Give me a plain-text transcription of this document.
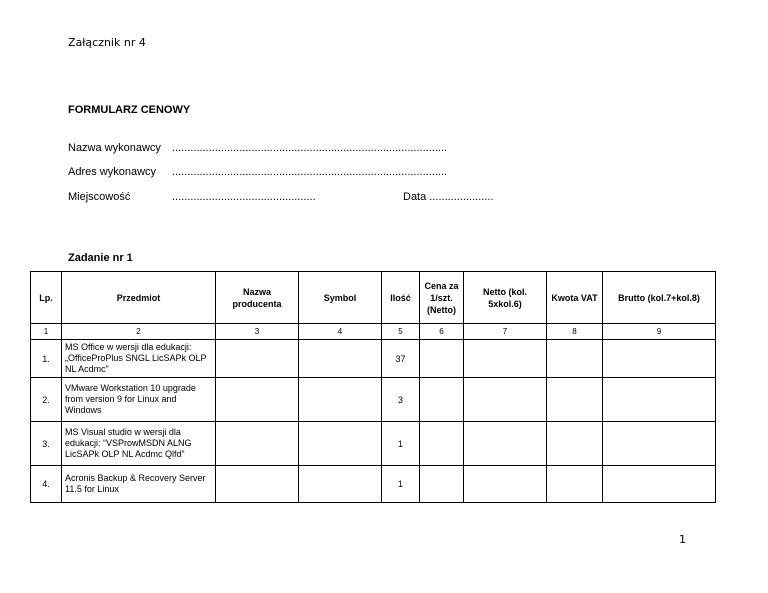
Załącznik nr 4
FORMULARZ CENOWY
Nazwa wykonawcy ..........................................................................................
Adres wykonawcy ..........................................................................................
Miejscowość	...............................................	Data .....................
Zadanie nr 1
Lp.	Przedmiot	Nazwa producenta	Symbol	Ilość	Cena za 1/szt. (Netto)	Netto (kol. 5xkol.6)	Kwota VAT	Brutto (kol.7+kol.8)
1	2	3	4	5	6	7	8	9
1.	MS Office w wersji dla edukacji: „OfficeProPlus SNGL LicSAPk OLP NL Acdmc”			37				
2.	VMware Workstation 10 upgrade from version 9 for Linux and Windows			3				
3.	MS Visual studio w wersji dla edukacji: “VSProwMSDN ALNG LicSAPk OLP NL Acdmc Qlfd”			1				
4.	Acronis Backup & Recovery Server 11.5 for Linux			1				
1
